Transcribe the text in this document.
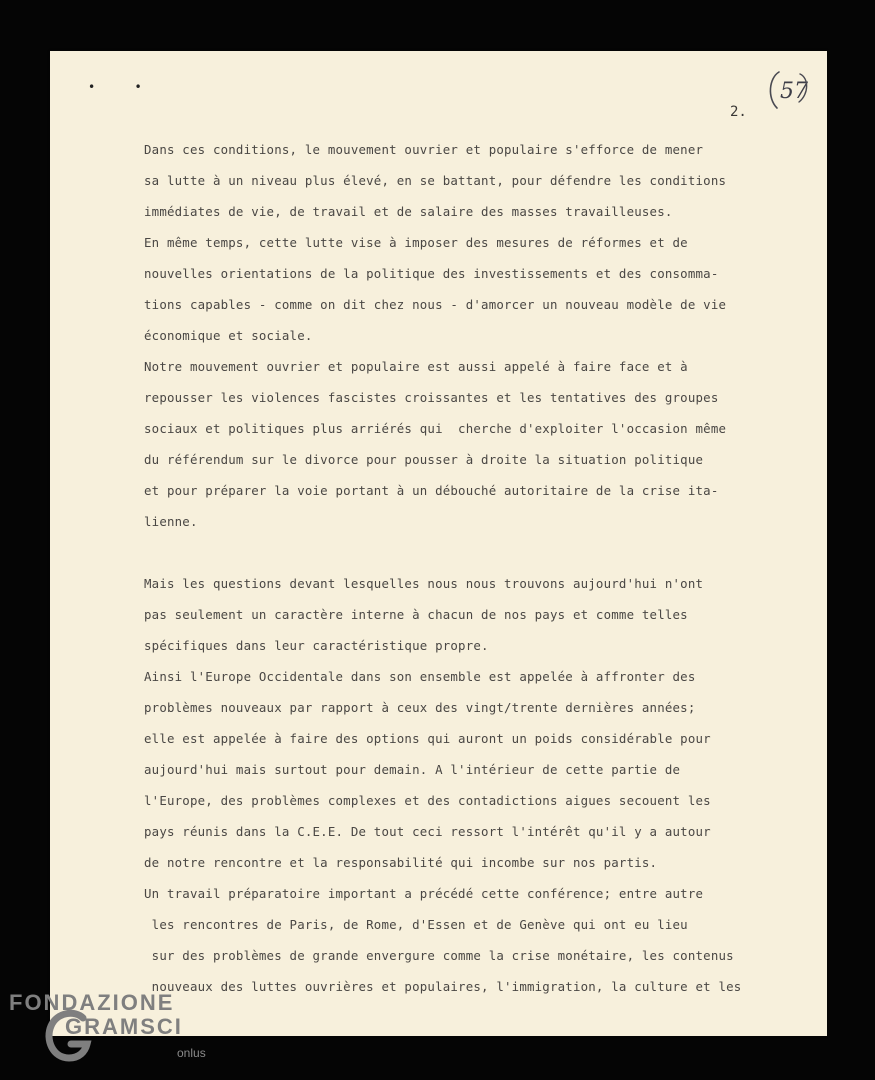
•	•	57
2.
Dans ces conditions, le mouvement ouvrier et populaire s'efforce de mener
sa lutte à un niveau plus élevé, en se battant, pour défendre les conditions
immédiates de vie, de travail et de salaire des masses travailleuses.
En même temps, cette lutte vise à imposer des mesures de réformes et de
nouvelles orientations de la politique des investissements et des consomma-
tions capables - comme on dit chez nous - d'amorcer un nouveau modèle de vie
économique et sociale.
Notre mouvement ouvrier et populaire est aussi appelé à faire face et à
repousser les violences fascistes croissantes et les tentatives des groupes
sociaux et politiques plus arriérés qui  cherche d'exploiter l'occasion même
du référendum sur le divorce pour pousser à droite la situation politique
et pour préparer la voie portant à un débouché autoritaire de la crise ita-
lienne.
Mais les questions devant lesquelles nous nous trouvons aujourd'hui n'ont
pas seulement un caractère interne à chacun de nos pays et comme telles
spécifiques dans leur caractéristique propre.
Ainsi l'Europe Occidentale dans son ensemble est appelée à affronter des
problèmes nouveaux par rapport à ceux des vingt/trente dernières années;
elle est appelée à faire des options qui auront un poids considérable pour
aujourd'hui mais surtout pour demain. A l'intérieur de cette partie de
l'Europe, des problèmes complexes et des contadictions aigues secouent les
pays réunis dans la C.E.E. De tout ceci ressort l'intérêt qu'il y a autour
de notre rencontre et la responsabilité qui incombe sur nos partis.
Un travail préparatoire important a précédé cette conférence; entre autre
les rencontres de Paris, de Rome, d'Essen et de Genève qui ont eu lieu
sur des problèmes de grande envergure comme la crise monétaire, les contenus
nouveaux des luttes ouvrières et populaires, l'immigration, la culture et les
FONDAZIONE
GRAMSCI
onlus
